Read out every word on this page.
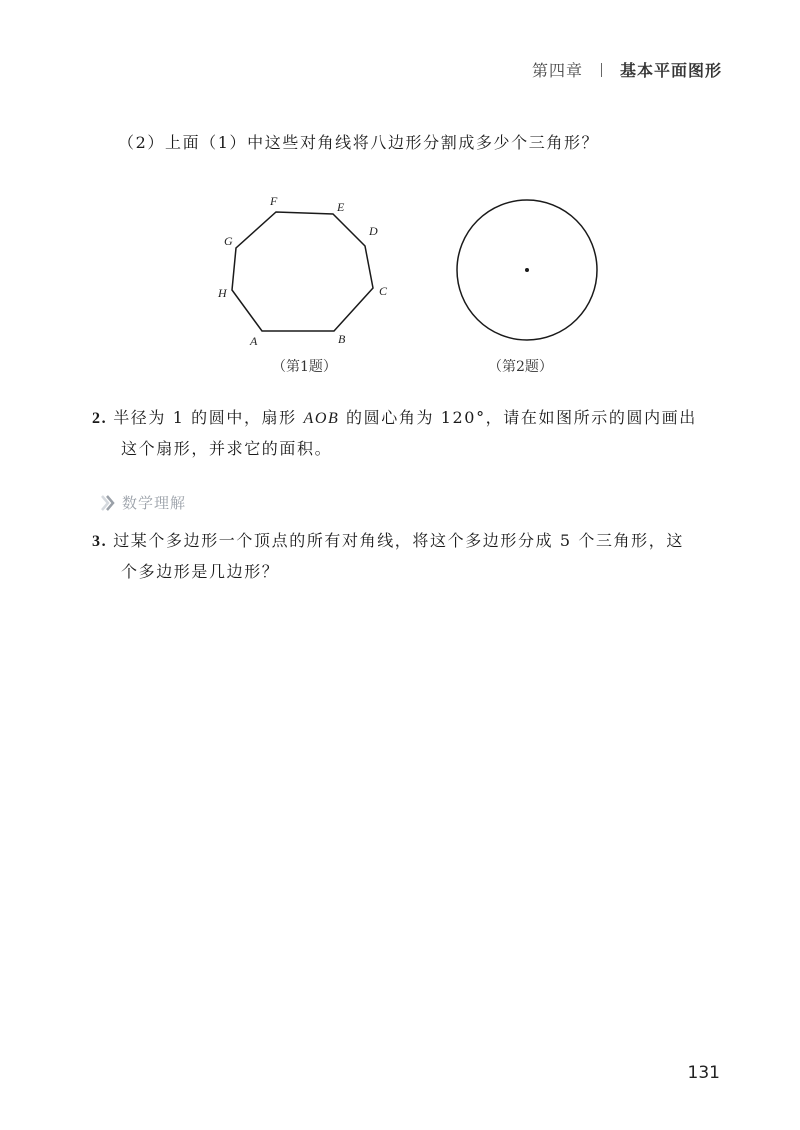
第四章 基本平面图形
（2）上面（1）中这些对角线将八边形分割成多少个三角形？
A	B
C
D
E
F
G
H
（第1题）	（第2题）
2. 半径为 1 的圆中，扇形 AOB 的圆心角为 120°，请在如图所示的圆内画出
这个扇形，并求它的面积。
数学理解
3. 过某个多边形一个顶点的所有对角线，将这个多边形分成 5 个三角形，这
个多边形是几边形？
131
